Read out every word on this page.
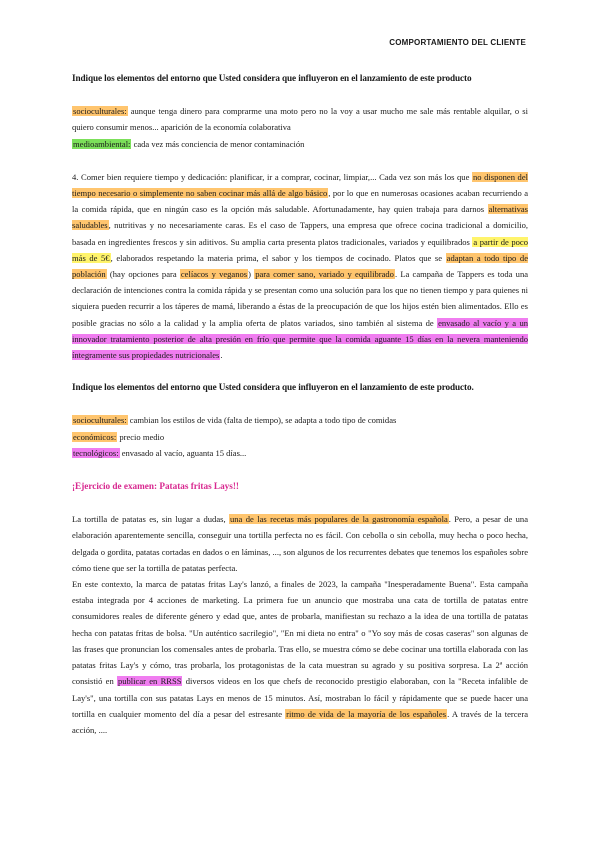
COMPORTAMIENTO DEL CLIENTE

Indique los elementos del entorno que Usted considera que influyeron en el lanzamiento de este producto

socioculturales: aunque tenga dinero para comprarme una moto pero no la voy a usar mucho me sale más rentable alquilar, o si quiero consumir menos... aparición de la economía colaborativa

medioambiental: cada vez más conciencia de menor contaminación

4. Comer bien requiere tiempo y dedicación: planificar, ir a comprar, cocinar, limpiar,... Cada vez son más los que no disponen del tiempo necesario o simplemente no saben cocinar más allá de algo básico, por lo que en numerosas ocasiones acaban recurriendo a la comida rápida, que en ningún caso es la opción más saludable. Afortunadamente, hay quien trabaja para darnos alternativas saludables, nutritivas y no necesariamente caras. Es el caso de Tappers, una empresa que ofrece cocina tradicional a domicilio, basada en ingredientes frescos y sin aditivos. Su amplia carta presenta platos tradicionales, variados y equilibrados a partir de poco más de 5€, elaborados respetando la materia prima, el sabor y los tiempos de cocinado. Platos que se adaptan a todo tipo de población (hay opciones para celíacos y veganos) para comer sano, variado y equilibrado. La campaña de Tappers es toda una declaración de intenciones contra la comida rápida y se presentan como una solución para los que no tienen tiempo y para quienes ni siquiera pueden recurrir a los táperes de mamá, liberando a éstas de la preocupación de que los hijos estén bien alimentados. Ello es posible gracias no sólo a la calidad y la amplia oferta de platos variados, sino también al sistema de envasado al vacío y a un innovador tratamiento posterior de alta presión en frío que permite que la comida aguante 15 días en la nevera manteniendo íntegramente sus propiedades nutricionales.

Indique los elementos del entorno que Usted considera que influyeron en el lanzamiento de este producto.

socioculturales: cambian los estilos de vida (falta de tiempo), se adapta a todo tipo de comidas

económicos: precio medio

tecnológicos: envasado al vacío, aguanta 15 días...

¡Ejercicio de examen: Patatas fritas Lays!!

La tortilla de patatas es, sin lugar a dudas, una de las recetas más populares de la gastronomía española. Pero, a pesar de una elaboración aparentemente sencilla, conseguir una tortilla perfecta no es fácil. Con cebolla o sin cebolla, muy hecha o poco hecha, delgada o gordita, patatas cortadas en dados o en láminas, ..., son algunos de los recurrentes debates que tenemos los españoles sobre cómo tiene que ser la tortilla de patatas perfecta.

En este contexto, la marca de patatas fritas Lay's lanzó, a finales de 2023, la campaña "Inesperadamente Buena". Esta campaña estaba integrada por 4 acciones de marketing. La primera fue un anuncio que mostraba una cata de tortilla de patatas entre consumidores reales de diferente género y edad que, antes de probarla, manifiestan su rechazo a la idea de una tortilla de patatas hecha con patatas fritas de bolsa. "Un auténtico sacrilegio", "En mi dieta no entra" o "Yo soy más de cosas caseras" son algunas de las frases que pronuncian los comensales antes de probarla. Tras ello, se muestra cómo se debe cocinar una tortilla elaborada con las patatas fritas Lay's y cómo, tras probarla, los protagonistas de la cata muestran su agrado y su positiva sorpresa. La 2ª acción consistió en publicar en RRSS diversos videos en los que chefs de reconocido prestigio elaboraban, con la "Receta infalible de Lay's", una tortilla con sus patatas Lays en menos de 15 minutos. Así, mostraban lo fácil y rápidamente que se puede hacer una tortilla en cualquier momento del día a pesar del estresante ritmo de vida de la mayoría de los españoles. A través de la tercera acción, ....
